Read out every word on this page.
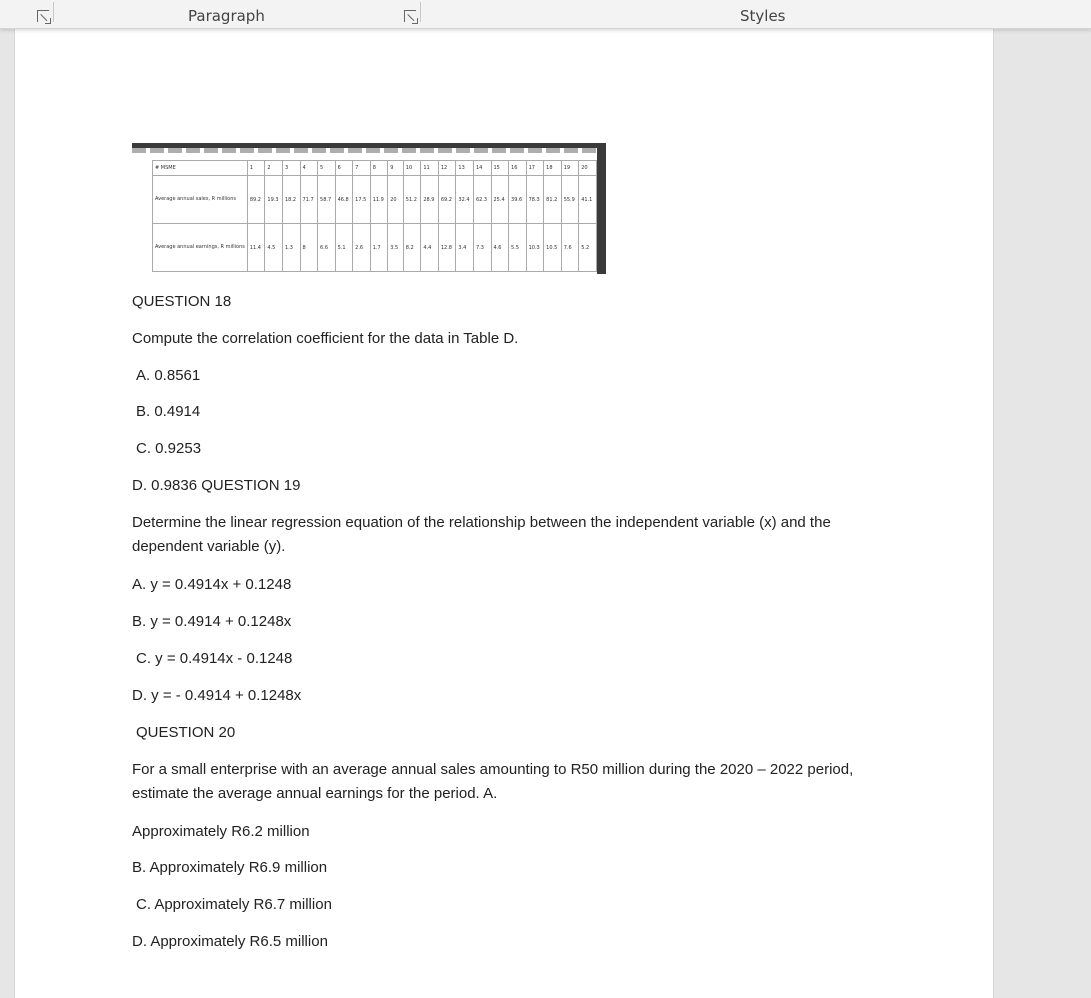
Paragraph	Styles
# MSME	1	2	3	4	5	6	7	8	9	10	11	12	13	14	15	16	17	18	19	20
Average annual sales, R millions	89.2	19.3	18.2	71.7	58.7	46.8	17.5	11.9	20	51.2	28.9	69.2	32.4	62.3	25.4	39.6	78.3	81.2	55.9	41.1
Average annual earnings, R millions	11.4	4.5	1.3	8	6.6	5.1	2.6	1.7	3.5	8.2	4.4	12.8	3.4	7.3	4.6	5.5	10.3	10.5	7.6	5.2
QUESTION 18
Compute the correlation coefficient for the data in Table D.
A. 0.8561
B. 0.4914
C. 0.9253
D. 0.9836 QUESTION 19
Determine the linear regression equation of the relationship between the independent variable (x) and the dependent variable (y).
A. y = 0.4914x + 0.1248
B. y = 0.4914 + 0.1248x
C. y = 0.4914x - 0.1248
D. y = - 0.4914 + 0.1248x
QUESTION 20
For a small enterprise with an average annual sales amounting to R50 million during the 2020 – 2022 period, estimate the average annual earnings for the period. A.
Approximately R6.2 million
B. Approximately R6.9 million
C. Approximately R6.7 million
D. Approximately R6.5 million
